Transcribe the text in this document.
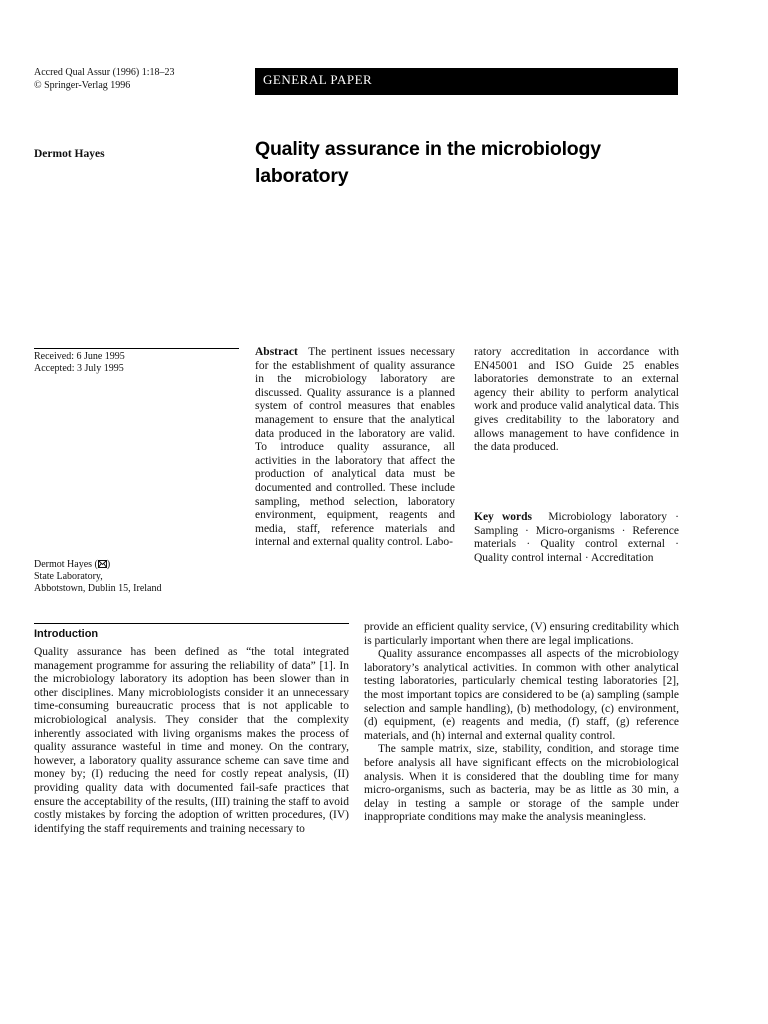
Accred Qual Assur (1996) 1:18–23
© Springer-Verlag 1996	GENERAL PAPER
Dermot Hayes	Quality assurance in the microbiology laboratory
Received: 6 June 1995
Accepted: 3 July 1995
Dermot Hayes ( )
State Laboratory,
Abbotstown, Dublin 15, Ireland

Abstract The pertinent issues necessary for the establishment of quality assurance in the microbiology laboratory are discussed. Quality assurance is a planned system of control measures that enables management to ensure that the analytical data produced in the laboratory are valid. To introduce quality assurance, all activities in the laboratory that affect the production of analytical data must be documented and controlled. These include sampling, method selection, laboratory environment, equipment, reagents and media, staff, reference materials and internal and external quality control. Labo-

ratory accreditation in accordance with EN45001 and ISO Guide 25 enables laboratories demonstrate to an external agency their ability to perform analytical work and produce valid analytical data. This gives creditability to the laboratory and allows management to have confidence in the data produced.

Key words Microbiology laboratory · Sampling · Micro-organisms · Reference materials · Quality control external · Quality control internal · Accreditation

Introduction

Quality assurance has been defined as “the total integrated management programme for assuring the reliability of data” [1]. In the microbiology laboratory its adoption has been slower than in other disciplines. Many microbiologists consider it an unnecessary time-consuming bureaucratic process that is not applicable to microbiological analysis. They consider that the complexity inherently associated with living organisms makes the process of quality assurance wasteful in time and money. On the contrary, however, a laboratory quality assurance scheme can save time and money by; (I) reducing the need for costly repeat analysis, (II) providing quality data with documented fail-safe practices that ensure the acceptability of the results, (III) training the staff to avoid costly mistakes by forcing the adoption of written procedures, (IV) identifying the staff requirements and training necessary to

provide an efficient quality service, (V) ensuring creditability which is particularly important when there are legal implications.

Quality assurance encompasses all aspects of the microbiology laboratory’s analytical activities. In common with other analytical testing laboratories, particularly chemical testing laboratories [2], the most important topics are considered to be (a) sampling (sample selection and sample handling), (b) methodology, (c) environment, (d) equipment, (e) reagents and media, (f) staff, (g) reference materials, and (h) internal and external quality control.

The sample matrix, size, stability, condition, and storage time before analysis all have significant effects on the microbiological analysis. When it is considered that the doubling time for many micro-organisms, such as bacteria, may be as little as 30 min, a delay in testing a sample or storage of the sample under inappropriate conditions may make the analysis meaningless.
